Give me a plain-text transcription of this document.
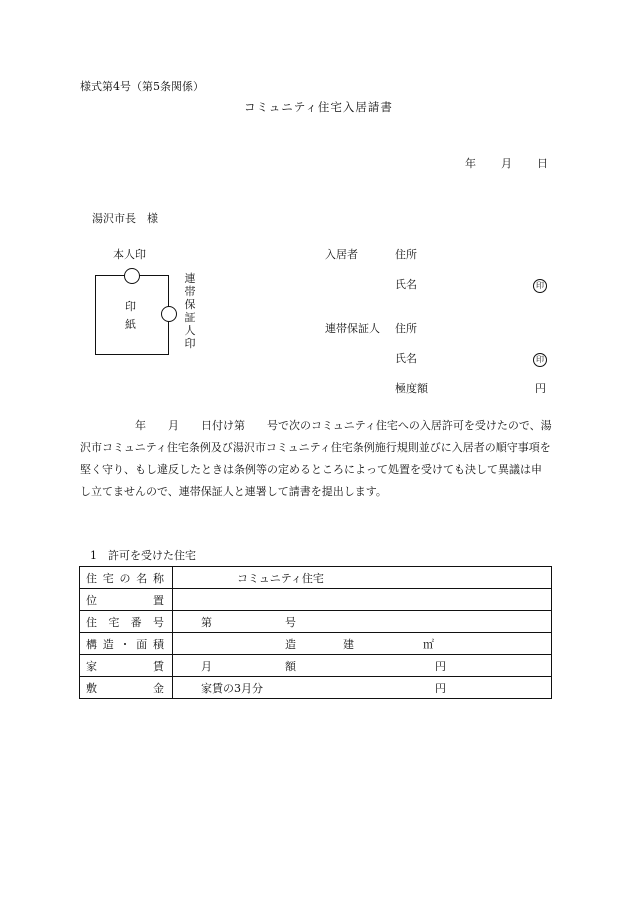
様式第4号（第5条関係）
コミュニティ住宅入居請書
年 月 日
湯沢市長　様
本人印
印
紙
連帯保証人印
入居者	住所
氏名	印
連帯保証人 住所
氏名	印
極度額	円
　　　　　年　　月　　日付け第　　号で次のコミュニティ住宅への入居許可を受けたので、湯沢市コミュニティ住宅条例及び湯沢市コミュニティ住宅条例施行規則並びに入居者の順守事項を堅く守り、もし違反したときは条例等の定めるところによって処置を受けても決して異議は申し立てませんので、連帯保証人と連署して請書を提出します。
1　許可を受けた住宅
住 宅 の 名 称	コミュニティ住宅

位 置	

住 宅 番 号	第 号

構 造 ・ 面 積	造 建 ㎡

家 賃	月 額 円

敷 金	家賃の3月分 円
